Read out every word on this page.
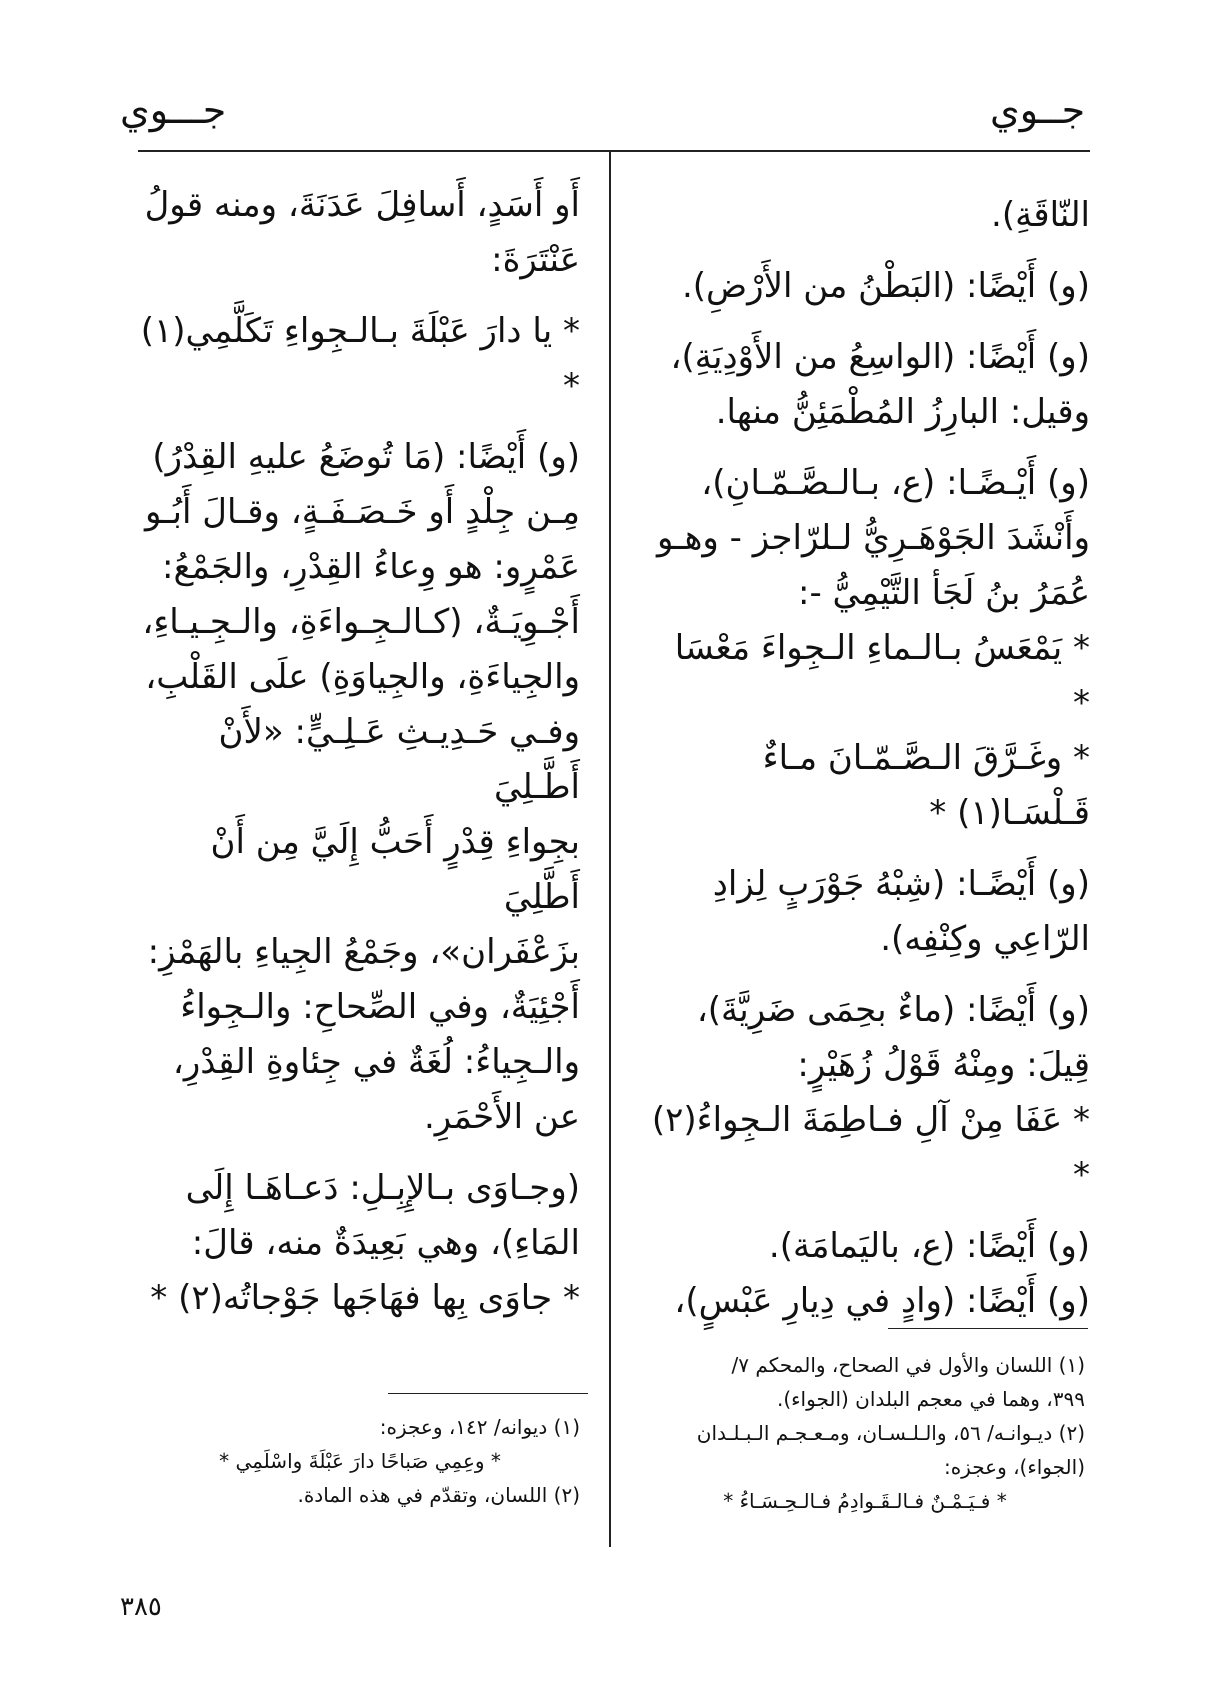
جــوي
جـــوي

النّاقَةِ).

(و) أَيْضًا: (البَطْنُ من الأَرْضِ).

(و) أَيْضًا: (الواسِعُ من الأَوْدِيَةِ)،

وقيل: البارِزُ المُطْمَئِنُّ منها.

(و) أَيْـضًـا: (ع، بـالـصَّـمّـانِ)،

وأَنْشَدَ الجَوْهَـرِيُّ لـلرّاجز - وهـو

عُمَرُ بنُ لَجَأ التَّيْمِيُّ -:

* يَمْعَسُ بـالـماءِ الـجِواءَ مَعْسَا *

* وغَـرَّقَ الـصَّـمّـانَ مـاءٌ قَـلْسَـا(١) *

(و) أَيْضًـا: (شِبْهُ جَوْرَبٍ لِزادِ

الرّاعِي وكِنْفِه).

(و) أَيْضًا: (ماءٌ بحِمَى ضَرِيَّةَ)،

قِيلَ: ومِنْهُ قَوْلُ زُهَيْرٍ:

* عَفَا مِنْ آلِ فـاطِمَةَ الـجِواءُ(٢) *

(و) أَيْضًا: (ع، باليَمامَة).

(و) أَيْضًا: (وادٍ في دِيارِ عَبْسٍ)،

أَو أَسَدٍ، أَسافِلَ عَدَنَةَ، ومنه قولُ

عَنْتَرَةَ:

* يا دارَ عَبْلَةَ بـالـجِواءِ تَكَلَّمِي(١) *

(و) أَيْضًا: (مَا تُوضَعُ عليهِ القِدْرُ)

مِـن جِلْدٍ أَو خَـصَـفَـةٍ، وقـالَ أَبُـو

عَمْرٍو: هو وِعاءُ القِدْرِ، والجَمْعُ:

أَجْـوِيَـةٌ، (كـالـجِـواءَةِ، والـجِـيـاءِ،

والجِياءَةِ، والجِياوَةِ) علَى القَلْبِ،

وفـي حَـدِيـثِ عَـلِـيٍّ: «لأَنْ أَطَّـلِيَ

بجِواءِ قِدْرٍ أَحَبُّ إِلَيَّ مِن أَنْ أَطَّلِيَ

بزَعْفَران»، وجَمْعُ الجِياءِ بالهَمْزِ:

أَجْئِيَةٌ، وفي الصِّحاحِ: والـجِواءُ

والـجِياءُ: لُغَةٌ في جِئاوةِ القِدْرِ،

عن الأَحْمَرِ.

(وجـاوَى بـالإِبِـلِ: دَعـاهَـا إِلَى

المَاءِ)، وهي بَعِيدَةٌ منه، قالَ:

* جاوَى بِها فهَاجَها جَوْجاتُه(٢) *

(١) اللسان والأول في الصحاح، والمحكم ٧/

٣٩٩، وهما في معجم البلدان (الجواء).

(٢) ديـوانـه/ ٥٦، والـلـسـان، ومـعـجـم الـبـلـدان

(الجواء)، وعجزه:

* فـيَـمْـنٌ فـالـقَـوادِمُ فـالـحِـسَـاءُ *

(١) ديوانه/ ١٤٢، وعجزه:

* وعِمِي صَباحًا دارَ عَبْلَةَ واسْلَمِي *

(٢) اللسان، وتقدّم في هذه المادة.

٣٨٥
